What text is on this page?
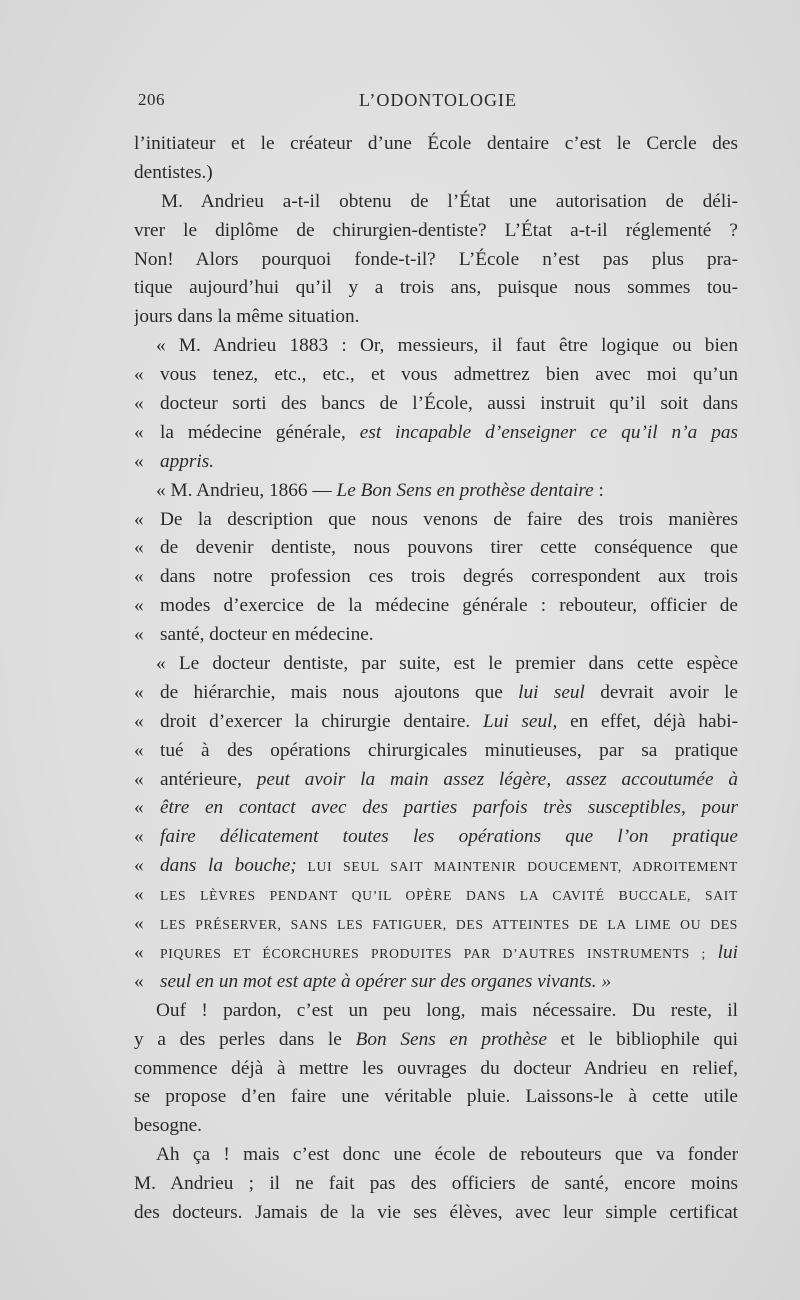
206	L’ODONTOLOGIE
l’initiateur et le créateur d’une École dentaire c’est le Cercle des
dentistes.)
M. Andrieu a-t-il obtenu de l’État une autorisation de déli-
vrer le diplôme de chirurgien-dentiste? L’État a-t-il réglementé ?
Non! Alors pourquoi fonde-t-il? L’École n’est pas plus pra-
tique aujourd’hui qu’il y a trois ans, puisque nous sommes tou-
jours dans la même situation.
« M. Andrieu 1883 : Or, messieurs, il faut être logique ou bien
« vous tenez, etc., etc., et vous admettrez bien avec moi qu’un
« docteur sorti des bancs de l’École, aussi instruit qu’il soit dans
« la médecine générale, est incapable d’enseigner ce qu’il n’a pas
« appris.
« M. Andrieu, 1866 — Le Bon Sens en prothèse dentaire :
« De la description que nous venons de faire des trois manières
« de devenir dentiste, nous pouvons tirer cette conséquence que
« dans notre profession ces trois degrés correspondent aux trois
« modes d’exercice de la médecine générale : rebouteur, officier de
« santé, docteur en médecine.
« Le docteur dentiste, par suite, est le premier dans cette espèce
« de hiérarchie, mais nous ajoutons que lui seul devrait avoir le
« droit d’exercer la chirurgie dentaire. Lui seul, en effet, déjà habi-
« tué à des opérations chirurgicales minutieuses, par sa pratique
« antérieure, peut avoir la main assez légère, assez accoutumée à
« être en contact avec des parties parfois très susceptibles, pour
« faire délicatement toutes les opérations que l’on pratique
« dans la bouche; LUI SEUL SAIT MAINTENIR DOUCEMENT, ADROITEMENT
« LES LÈVRES PENDANT QU’IL OPÈRE DANS LA CAVITÉ BUCCALE, SAIT
« LES PRÉSERVER, SANS LES FATIGUER, DES ATTEINTES DE LA LIME OU DES
« PIQURES ET ÉCORCHURES PRODUITES PAR D’AUTRES INSTRUMENTS ; lui
« seul en un mot est apte à opérer sur des organes vivants. »
Ouf ! pardon, c’est un peu long, mais nécessaire. Du reste, il
y a des perles dans le Bon Sens en prothèse et le bibliophile qui
commence déjà à mettre les ouvrages du docteur Andrieu en relief,
se propose d’en faire une véritable pluie. Laissons-le à cette utile
besogne.
Ah ça ! mais c’est donc une école de rebouteurs que va fonder
M. Andrieu ; il ne fait pas des officiers de santé, encore moins
des docteurs. Jamais de la vie ses élèves, avec leur simple certificat
